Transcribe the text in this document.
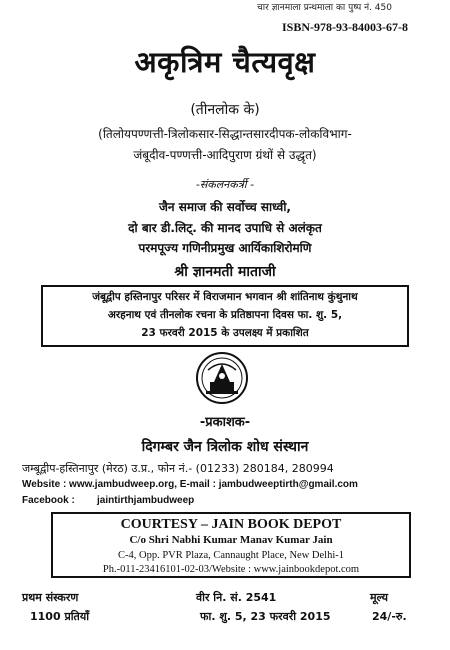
चार ज्ञानमाला प्रन्थमाला का पुष्प नं. 450
ISBN-978-93-84003-67-8
अकृत्रिम चैत्यवृक्ष
(तीनलोक के)
(तिलोयपण्णत्ती-त्रिलोकसार-सिद्धान्तसारदीपक-लोकविभाग-
जंबूदीव-पण्णत्ती-आदिपुराण ग्रंथों से उद्धृत)
-संकलनकर्त्री -
जैन समाज की सर्वोच्च साध्वी,
दो बार डी.लिट्. की मानद उपाधि से अलंकृत
परमपूज्य गणिनीप्रमुख आर्यिकाशिरोमणि
श्री ज्ञानमती माताजी
जंबूद्वीप हस्तिनापुर परिसर में विराजमान भगवान श्री शांतिनाथ कुंथुनाथ
अरहनाथ एवं तीनलोक रचना के प्रतिष्ठापना दिवस फा. शु. 5,
23 फरवरी 2015 के उपलक्ष्य में प्रकाशित
-प्रकाशक-
दिगम्बर जैन त्रिलोक शोध संस्थान
जम्बूद्वीप-हस्तिनापुर (मेरठ) उ.प्र., फोन नं.- (01233) 280184, 280994
Website : www.jambudweep.org, E-mail : jambudweeptirth@gmail.com
Facebook :        jaintirthjambudweep
COURTESY – JAIN BOOK DEPOT
C/o Shri Nabhi Kumar Manav Kumar Jain
C-4, Opp. PVR Plaza, Cannaught Place, New Delhi-1
Ph.-011-23416101-02-03/Website : www.jainbookdepot.com
प्रथम संस्करण	वीर नि. सं. 2541	मूल्य
1100 प्रतियाँ	फा. शु. 5, 23 फरवरी 2015	24/-रु.
